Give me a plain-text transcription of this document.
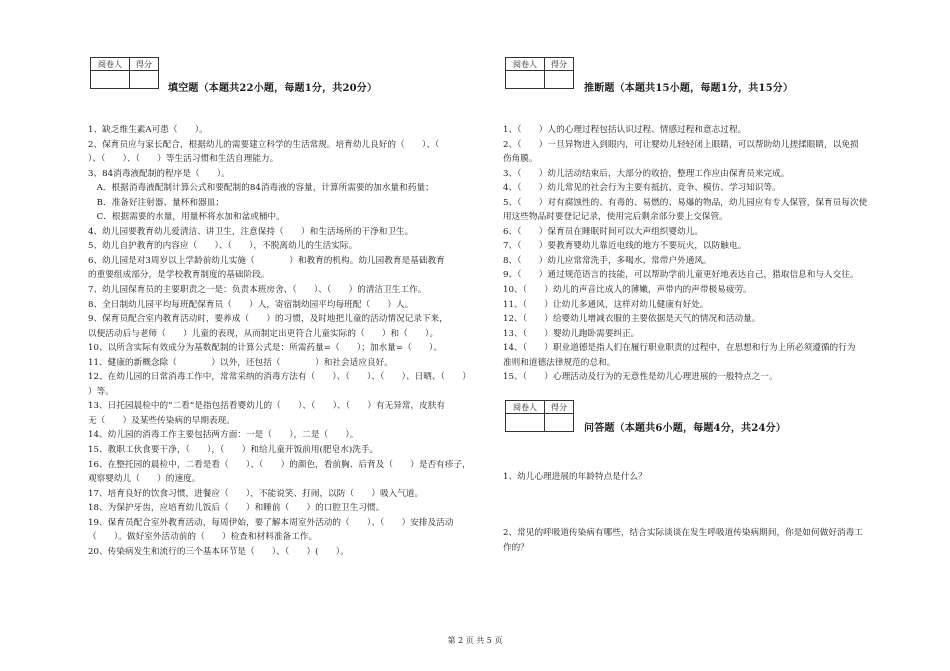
阅卷人	得分

填空题（本题共22小题，每题1分，共20分）
1、缺乏维生素A可患（　　）。
2、保育员应与家长配合，根据幼儿的需要建立科学的生活常规。培育幼儿良好的（　　）、（
）、（　　）、（　　）等生活习惯和生活自理能力。
3、84消毒液配制的程序是（　　）。
　A．根据消毒液配制计算公式和要配制的84消毒液的容量，计算所需要的加水量和药量；
　B．准备好注射器、量杯和器皿；
　C．根据需要的水量，用量杯将水加和盆或桶中。
4、幼儿园要教育幼儿爱清洁、讲卫生，注意保持（　　）和生活场所的干净和卫生。
5、幼儿自护教育的内容应（　　）、（　　），不脱离幼儿的生活实际。
6、幼儿园是对3周岁以上学龄前幼儿实施（　　　　）和教育的机构。幼儿园教育是基础教育
的重要组成部分，是学校教育制度的基础阶段。
7、幼儿园保育员的主要职责之一是：负责本班房舍、（　　）、（　　）的清洁卫生工作。
8、全日制幼儿园平均每班配保育员（　　）人，寄宿制幼园平均每班配（　　）人。
9、保育员配合室内教育活动时，要养成（　　）的习惯，及时地把儿童的活动情况记录下来，
以便活动后与老师（　　）儿童的表现，从而制定出更符合儿童实际的（　　）和（　　）。
10、以所含实际有效成分为基数配制的计算公式是：所需药量=（　　）；加水量=（　　）。
11、健康的新概念除（　　　　）以外，还包括（　　　　）和社会适应良好。
12、在幼儿园的日常消毒工作中，常常采纳的消毒方法有（　　）、（　　）、（　　）、日晒、（　　）
）等。
13、日托园晨检中的“二看”是指包括看婴幼儿的（　　）、（　　）、（　　）有无异常，皮肤有
无（　　）及某些传染病的早期表现。
14、幼儿园的消毒工作主要包括两方面：一是（　　），二是（　　）。
15、教职工伙食要干净，（　　），（　　）和给儿童开饭前用(肥皂水)洗手。
16、在整托园的晨检中，二看是看（　　）、（　　）的颜色，看前胸、后背及（　　）是否有疹子，
观察婴幼儿（　　）的速度。
17、培育良好的饮食习惯，进餐应（　　），不能说笑、打闹，以防（　　）吸入气道。
18、为保护牙齿，应培育幼儿饭后（　　）和睡前（　　）的口腔卫生习惯。
19、保育员配合室外教育活动，每周伊始，要了解本周室外活动的（　　）、（　　）安排及活动
（　　）。做好室外活动前的（　　）检查和材料准备工作。
20、传染病发生和流行的三个基本环节是（　　）、（　　）(　　）。
阅卷人	得分

推断题（本题共15小题，每题1分，共15分）
1、（　　）人的心理过程包括认识过程、情感过程和意志过程。
2、（　　）一旦异物进入到眼内，可让婴幼儿轻轻闭上眼睛，可以帮助幼儿搓揉眼睛，以免损
伤角膜。
3、（　　）幼儿活动结束后，大部分的收拾，整理工作应由保育员来完成。
4、（　　）幼儿常见的社会行为主要有抵抗、竞争、模仿、学习知识等。
5、（　　）对有腐蚀性的、有毒的、易燃的、易爆的物品，幼儿园应有专人保管，保育员每次使
用这些物品时要登记记录，使用完后剩余部分要上交保管。
6、（　　）保育员在睡眠时间可以大声组织婴幼儿。
7、（　　）要教育婴幼儿靠近电线的地方不要玩火，以防触电。
8、（　　）幼儿应常常洗手，多喝水、常带户外通风。
9、（　　）通过规范语言的技能，可以帮助学前儿童更好地表达自己，猎取信息和与人交往。
10、（　　）幼儿的声音比成人的薄嫩，声带内的声带极易疲劳。
11、（　　）让幼儿多通风，这样对幼儿健康有好处。
12、（　　）给婴幼儿增减衣服的主要依据是天气的情况和活动量。
13、（　　）婴幼儿跑卧需要纠正。
14、（　　）职业道德是指人们在履行职业职责的过程中，在思想和行为上所必须遵循的行为
准则和道德法律规范的总和。
15、（　　）心理活动及行为的无意性是幼儿心理进展的一般特点之一。
阅卷人	得分

问答题（本题共6小题，每题4分，共24分）
1、幼儿心理进展的年龄特点是什么？
2、常见的呼吸道传染病有哪些，结合实际谈谈在发生呼吸道传染病期间，你是如何做好消毒工作的？
第 2 页 共 5 页
